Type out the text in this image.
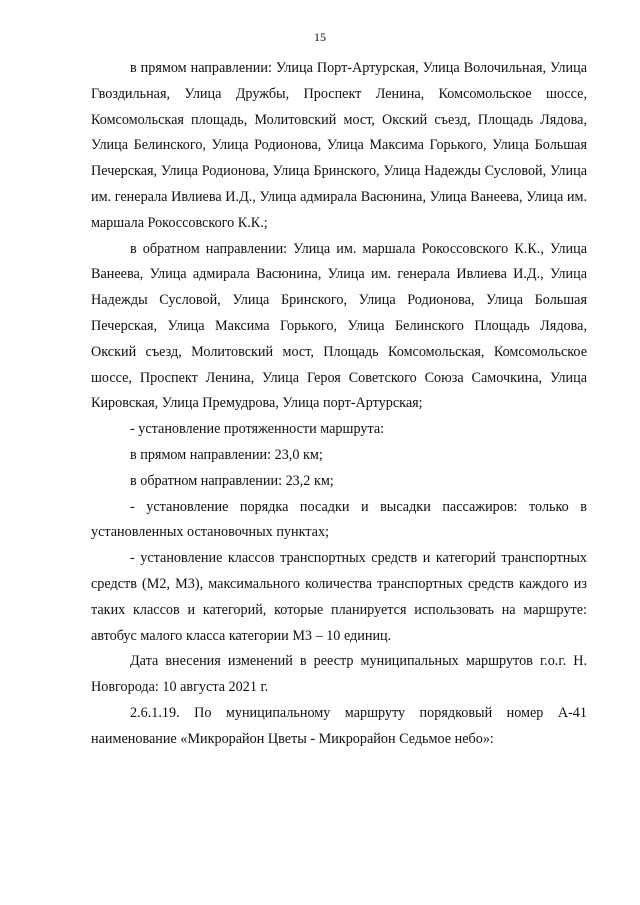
15

в прямом направлении: Улица Порт-Артурская, Улица Волочильная, Улица Гвоздильная, Улица Дружбы, Проспект Ленина, Комсомольское шоссе, Комсомольская площадь, Молитовский мост, Окский съезд, Площадь Лядова, Улица Белинского, Улица Родионова, Улица Максима Горького, Улица Большая Печерская, Улица Родионова, Улица Бринского, Улица Надежды Сусловой, Улица им. генерала Ивлиева И.Д., Улица адмирала Васюнина, Улица Ванеева, Улица им. маршала Рокоссовского К.К.;

в обратном направлении: Улица им. маршала Рокоссовского К.К., Улица Ванеева, Улица адмирала Васюнина, Улица им. генерала Ивлиева И.Д., Улица Надежды Сусловой, Улица Бринского, Улица Родионова, Улица Большая Печерская, Улица Максима Горького, Улица Белинского Площадь Лядова, Окский съезд, Молитовский мост, Площадь Комсомольская, Комсомольское шоссе, Проспект Ленина, Улица Героя Советского Союза Самочкина, Улица Кировская, Улица Премудрова, Улица порт-Артурская;

- установление протяженности маршрута:

в прямом направлении: 23,0 км;

в обратном направлении: 23,2 км;

- установление порядка посадки и высадки пассажиров: только в установленных остановочных пунктах;

- установление классов транспортных средств и категорий транспортных средств (М2, М3), максимального количества транспортных средств каждого из таких классов и категорий, которые планируется использовать на маршруте: автобус малого класса категории М3 – 10 единиц.

Дата внесения изменений в реестр муниципальных маршрутов г.о.г. Н. Новгорода: 10 августа 2021 г.

2.6.1.19. По муниципальному маршруту порядковый номер А-41 наименование «Микрорайон Цветы - Микрорайон Седьмое небо»:
